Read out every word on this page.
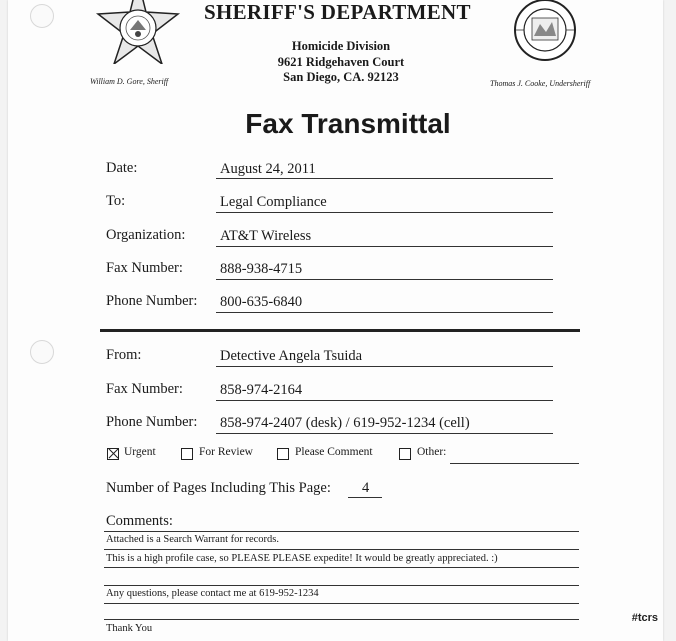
SHERIFF'S DEPARTMENT
Homicide Division
9621 Ridgehaven Court
San Diego, CA. 92123
William D. Gore, Sheriff	Thomas J. Cooke, Undersheriff
Fax Transmittal
Date:	August 24, 2011
To:	Legal Compliance
Organization: AT&T Wireless
Fax Number:	888-938-4715
Phone Number: 800-635-6840
From:	Detective Angela Tsuida
Fax Number:	858-974-2164
Phone Number: 858-974-2407 (desk) / 619-952-1234 (cell)
Urgent	For Review	Please Comment	Other:
Number of Pages Including This Page: 4
Comments:
Attached is a Search Warrant for records.
This is a high profile case, so PLEASE PLEASE expedite! It would be greatly appreciated. :)
Any questions, please contact me at 619-952-1234
Thank You
#tcrs
